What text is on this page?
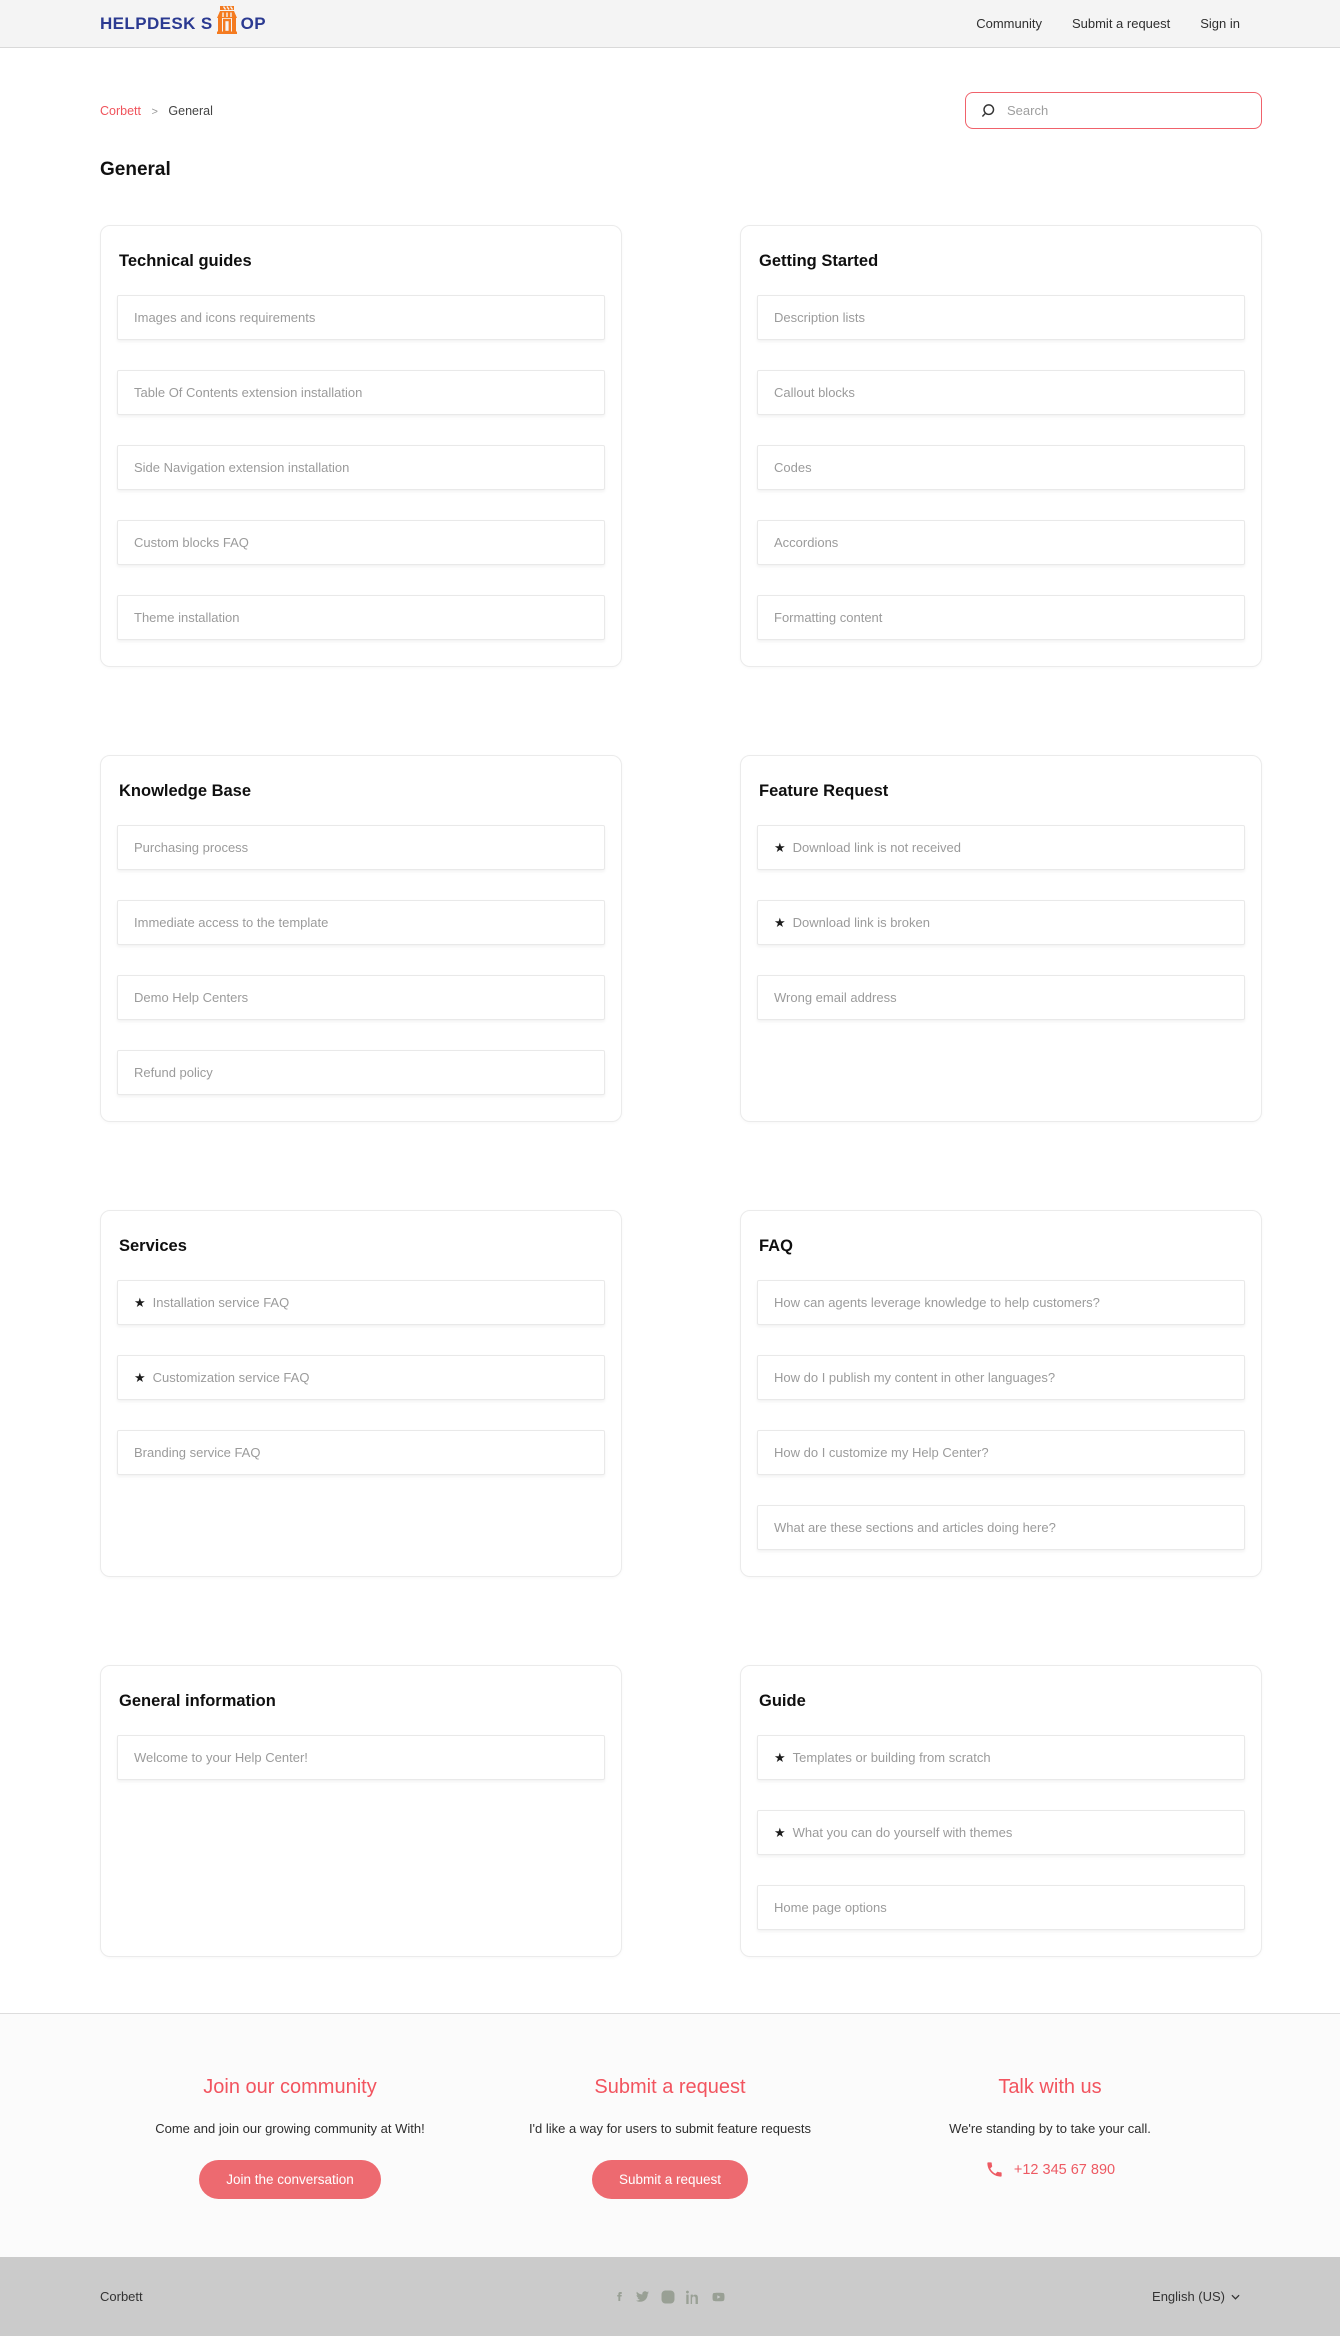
HELPDESK S OP	Community Submit a request Sign in
Corbett > General
Search
General
Technical guides
Images and icons requirements
Table Of Contents extension installation
Side Navigation extension installation
Custom blocks FAQ
Theme installation
Getting Started
Description lists
Callout blocks
Codes
Accordions
Formatting content
Knowledge Base
Purchasing process
Immediate access to the template
Demo Help Centers
Refund policy
Feature Request
★ Download link is not received
★ Download link is broken
Wrong email address
Services
★ Installation service FAQ
★ Customization service FAQ
Branding service FAQ
FAQ
How can agents leverage knowledge to help customers?
How do I publish my content in other languages?
How do I customize my Help Center?
What are these sections and articles doing here?
General information
Welcome to your Help Center!
Guide
★ Templates or building from scratch
★ What you can do yourself with themes
Home page options
Join our community

Come and join our growing community at With!

Join the conversation
Submit a request

I'd like a way for users to submit feature requests

Submit a request
Talk with us

We're standing by to take your call.

+12 345 67 890
Corbett	English (US)
